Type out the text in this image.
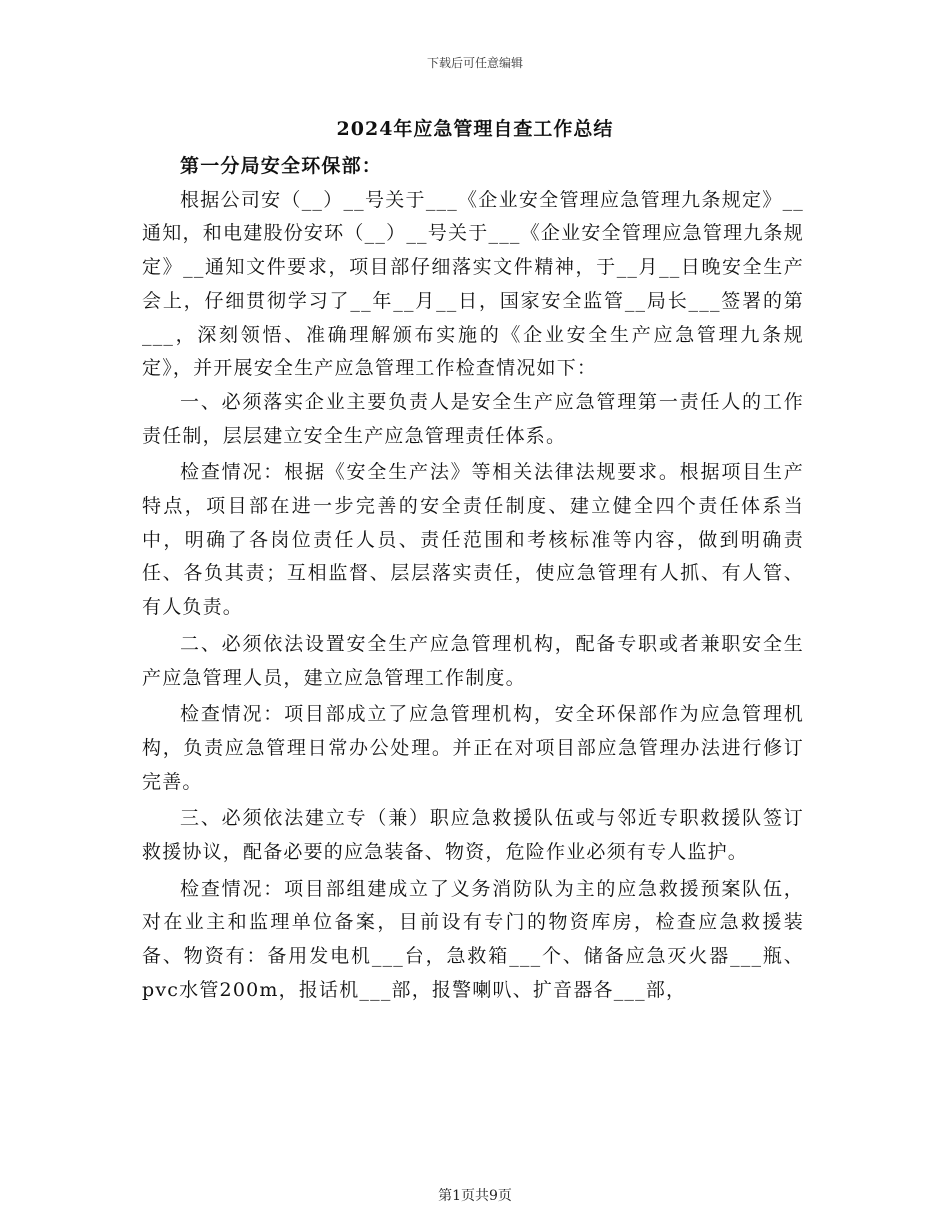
下载后可任意编辑
2024年应急管理自查工作总结
第一分局安全环保部：

根据公司安（__）__号关于___《企业安全管理应急管理九条规定》__通知，和电建股份安环（__）__号关于___《企业安全管理应急管理九条规定》__通知文件要求，项目部仔细落实文件精神，于__月__日晚安全生产会上，仔细贯彻学习了__年__月__日，国家安全监管__局长___签署的第___，深刻领悟、准确理解颁布实施的《企业安全生产应急管理九条规定》，并开展安全生产应急管理工作检查情况如下：

一、必须落实企业主要负责人是安全生产应急管理第一责任人的工作责任制，层层建立安全生产应急管理责任体系。

检查情况：根据《安全生产法》等相关法律法规要求。根据项目生产特点，项目部在进一步完善的安全责任制度、建立健全四个责任体系当中，明确了各岗位责任人员、责任范围和考核标准等内容，做到明确责任、各负其责；互相监督、层层落实责任，使应急管理有人抓、有人管、有人负责。

二、必须依法设置安全生产应急管理机构，配备专职或者兼职安全生产应急管理人员，建立应急管理工作制度。

检查情况：项目部成立了应急管理机构，安全环保部作为应急管理机构，负责应急管理日常办公处理。并正在对项目部应急管理办法进行修订完善。

三、必须依法建立专（兼）职应急救援队伍或与邻近专职救援队签订救援协议，配备必要的应急装备、物资，危险作业必须有专人监护。

检查情况：项目部组建成立了义务消防队为主的应急救援预案队伍，对在业主和监理单位备案，目前设有专门的物资库房，检查应急救援装备、物资有：备用发电机___台，急救箱___个、储备应急灭火器___瓶、pvc水管200m，报话机___部，报警喇叭、扩音器各___部，

第1页共9页
